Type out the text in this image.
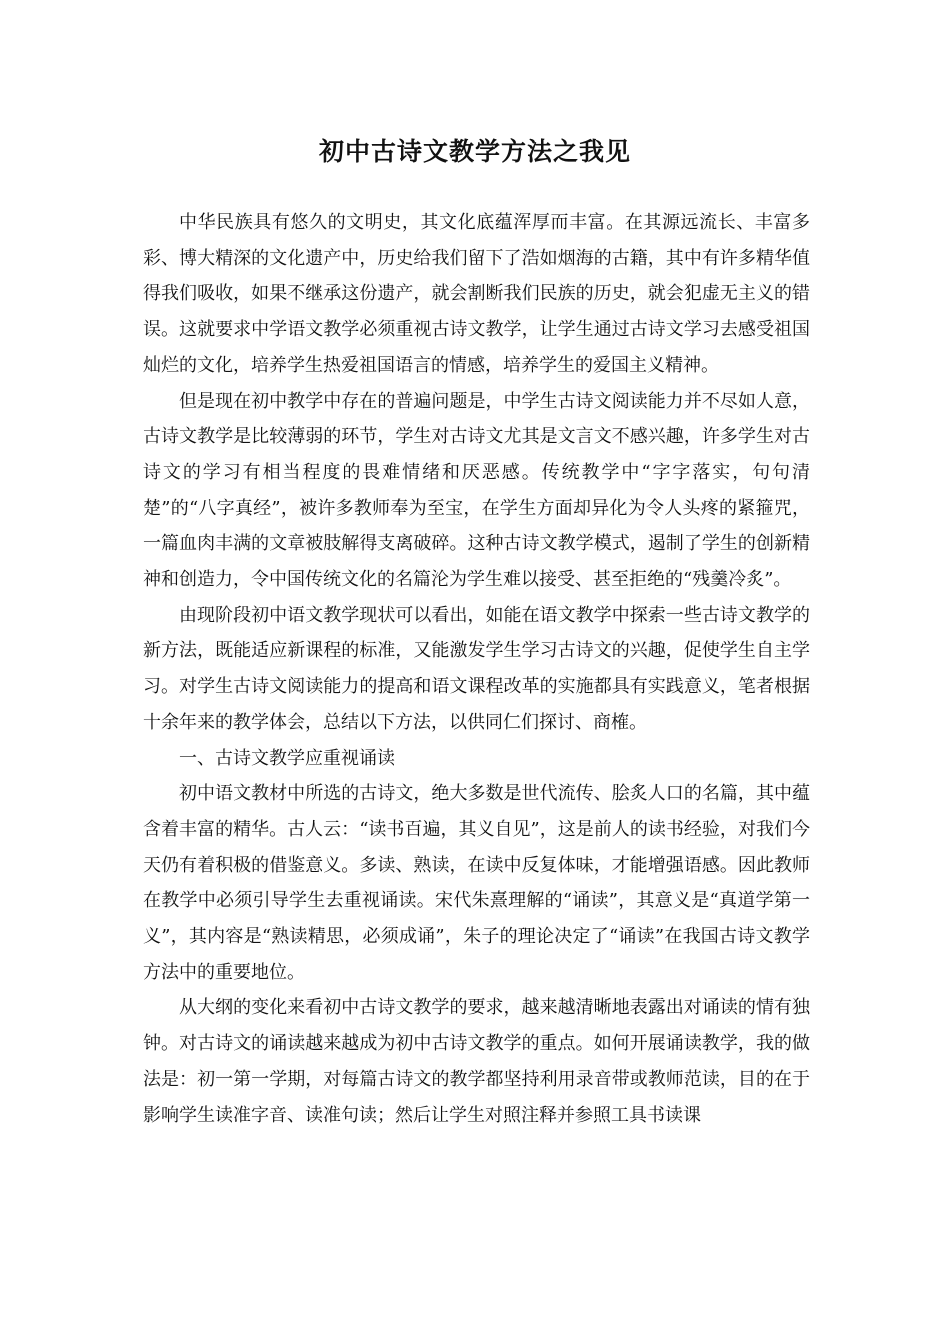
初中古诗文教学方法之我见

中华民族具有悠久的文明史，其文化底蕴浑厚而丰富。在其源远流长、丰富多彩、博大精深的文化遗产中，历史给我们留下了浩如烟海的古籍，其中有许多精华值得我们吸收，如果不继承这份遗产，就会割断我们民族的历史，就会犯虚无主义的错误。这就要求中学语文教学必须重视古诗文教学，让学生通过古诗文学习去感受祖国灿烂的文化，培养学生热爱祖国语言的情感，培养学生的爱国主义精神。

但是现在初中教学中存在的普遍问题是，中学生古诗文阅读能力并不尽如人意，古诗文教学是比较薄弱的环节，学生对古诗文尤其是文言文不感兴趣，许多学生对古诗文的学习有相当程度的畏难情绪和厌恶感。传统教学中“字字落实，句句清楚”的“八字真经”，被许多教师奉为至宝，在学生方面却异化为令人头疼的紧箍咒，一篇血肉丰满的文章被肢解得支离破碎。这种古诗文教学模式，遏制了学生的创新精神和创造力，令中国传统文化的名篇沦为学生难以接受、甚至拒绝的“残羹冷炙”。

由现阶段初中语文教学现状可以看出，如能在语文教学中探索一些古诗文教学的新方法，既能适应新课程的标准，又能激发学生学习古诗文的兴趣，促使学生自主学习。对学生古诗文阅读能力的提高和语文课程改革的实施都具有实践意义，笔者根据十余年来的教学体会，总结以下方法，以供同仁们探讨、商榷。

一、古诗文教学应重视诵读

初中语文教材中所选的古诗文，绝大多数是世代流传、脍炙人口的名篇，其中蕴含着丰富的精华。古人云：“读书百遍，其义自见”，这是前人的读书经验，对我们今天仍有着积极的借鉴意义。多读、熟读，在读中反复体味，才能增强语感。因此教师在教学中必须引导学生去重视诵读。宋代朱熹理解的“诵读”，其意义是“真道学第一义”，其内容是“熟读精思，必须成诵”，朱子的理论决定了“诵读”在我国古诗文教学方法中的重要地位。

从大纲的变化来看初中古诗文教学的要求，越来越清晰地表露出对诵读的情有独钟。对古诗文的诵读越来越成为初中古诗文教学的重点。如何开展诵读教学，我的做法是：初一第一学期，对每篇古诗文的教学都坚持利用录音带或教师范读，目的在于影响学生读准字音、读准句读；然后让学生对照注释并参照工具书读课
